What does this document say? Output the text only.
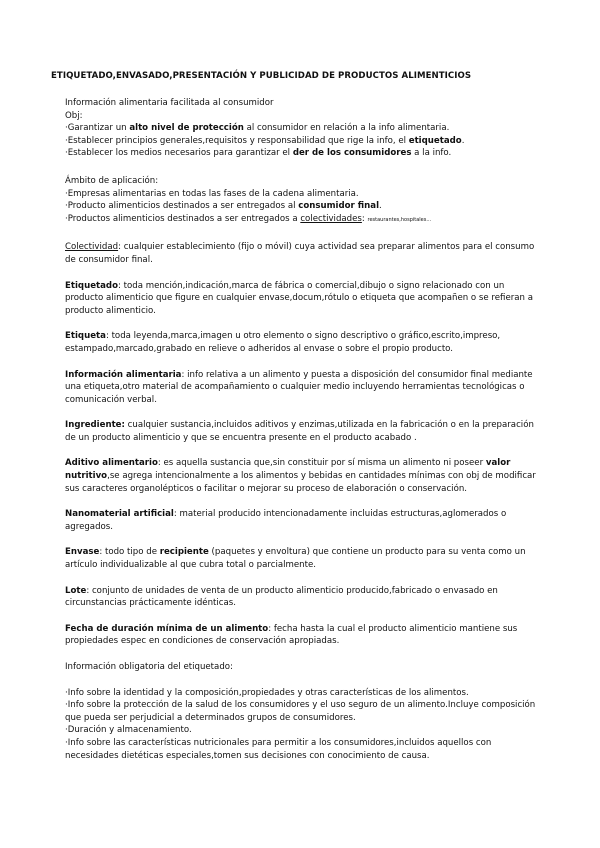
ETIQUETADO,ENVASADO,PRESENTACIÓN Y PUBLICIDAD DE PRODUCTOS ALIMENTICIOS

Información alimentaria facilitada al consumidor

Obj:

·Garantizar un alto nivel de protección al consumidor en relación a la info alimentaria.

·Establecer principios generales,requisitos y responsabilidad que rige la info, el etiquetado.

·Establecer los medios necesarios para garantizar el der de los consumidores a la info.

Ámbito de aplicación:

·Empresas alimentarias en todas las fases de la cadena alimentaria.

·Producto alimenticios destinados a ser entregados al consumidor final.

·Productos alimenticios destinados a ser entregados a colectividades: restaurantes,hospitales...

Colectividad: cualquier establecimiento (fijo o móvil) cuya actividad sea preparar alimentos para el consumo de consumidor final.

Etiquetado: toda mención,indicación,marca de fábrica o comercial,dibujo o signo relacionado con un producto alimenticio que figure en cualquier envase,docum,rótulo o etiqueta que acompañen o se refieran a producto alimenticio.

Etiqueta: toda leyenda,marca,imagen u otro elemento o signo descriptivo o gráfico,escrito,impreso, estampado,marcado,grabado en relieve o adheridos al envase o sobre el propio producto.

Información alimentaria: info relativa a un alimento y puesta a disposición del consumidor final mediante una etiqueta,otro material de acompañamiento o cualquier medio incluyendo herramientas tecnológicas o comunicación verbal.

Ingrediente: cualquier sustancia,incluidos aditivos y enzimas,utilizada en la fabricación o en la preparación de un producto alimenticio y que se encuentra presente en el producto acabado .

Aditivo alimentario: es aquella sustancia que,sin constituir por sí misma un alimento ni poseer valor nutritivo,se agrega intencionalmente a los alimentos y bebidas en cantidades mínimas con obj de modificar sus caracteres organolépticos o facilitar o mejorar su proceso de elaboración o conservación.

Nanomaterial artificial: material producido intencionadamente incluidas estructuras,aglomerados o agregados.

Envase: todo tipo de recipiente (paquetes y envoltura) que contiene un producto para su venta como un artículo individualizable al que cubra total o parcialmente.

Lote: conjunto de unidades de venta de un producto alimenticio producido,fabricado o envasado en circunstancias prácticamente idénticas.

Fecha de duración mínima de un alimento: fecha hasta la cual el producto alimenticio mantiene sus propiedades espec en condiciones de conservación apropiadas.

Información obligatoria del etiquetado:

·Info sobre la identidad y la composición,propiedades y otras características de los alimentos.

·Info sobre la protección de la salud de los consumidores y el uso seguro de un alimento.Incluye composición que pueda ser perjudicial a determinados grupos de consumidores.

·Duración y almacenamiento.

·Info sobre las características nutricionales para permitir a los consumidores,incluidos aquellos con necesidades dietéticas especiales,tomen sus decisiones con conocimiento de causa.
